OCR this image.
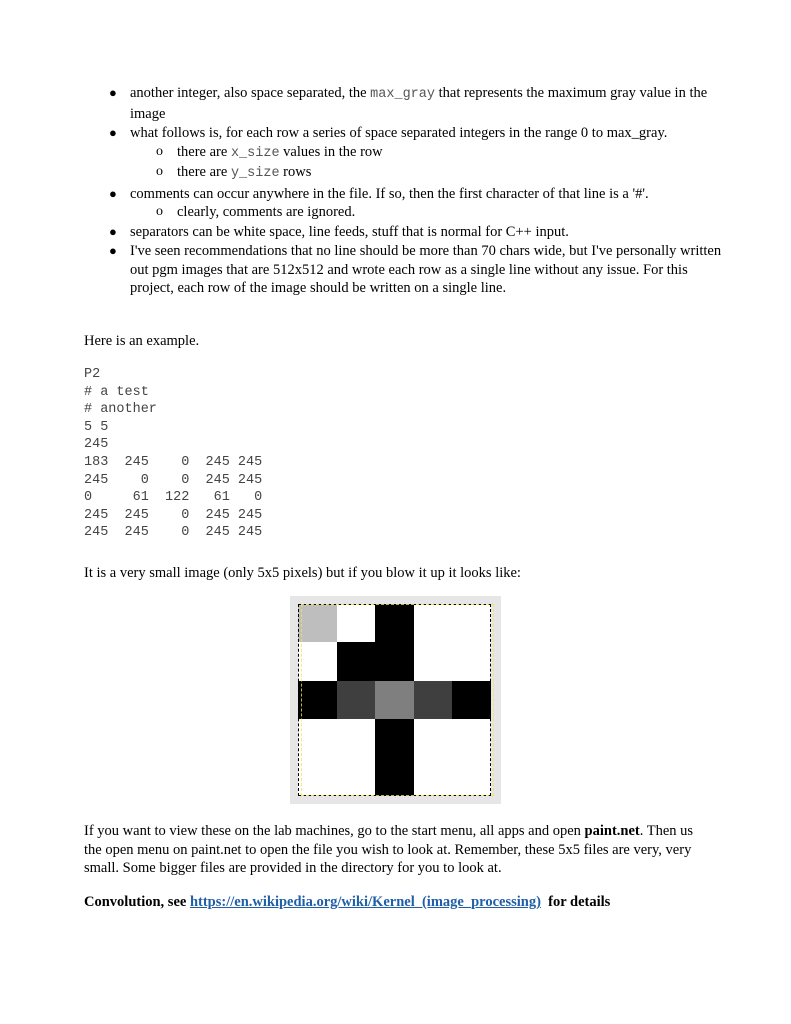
● another integer, also space separated, the max_gray that represents the maximum gray value in the image
● what follows is, for each row a series of space separated integers in the range 0 to max_gray.
o there are x_size values in the row
o there are y_size rows
● comments can occur anywhere in the file. If so, then the first character of that line is a '#'.
o clearly, comments are ignored.
● separators can be white space, line feeds, stuff that is normal for C++ input.
● I've seen recommendations that no line should be more than 70 chars wide, but I've personally written out pgm images that are 512x512 and wrote each row as a single line without any issue. For this project, each row of the image should be written on a single line.

Here is an example.

P2
# a test
# another
5 5
245
183  245    0  245 245
245    0    0  245 245
0     61  122   61   0
245  245    0  245 245
245  245    0  245 245

It is a very small image (only 5x5 pixels) but if you blow it up it looks like:

If you want to view these on the lab machines, go to the start menu, all apps and open paint.net. Then us the open menu on paint.net to open the file you wish to look at. Remember, these 5x5 files are very, very small. Some bigger files are provided in the directory for you to look at.

Convolution, see https://en.wikipedia.org/wiki/Kernel_(image_processing)  for details
